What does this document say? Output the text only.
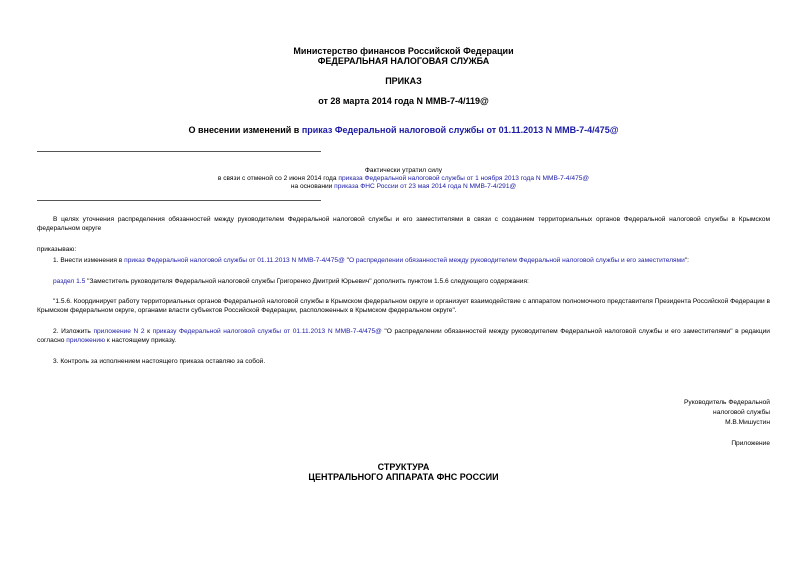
Министерство финансов Российской Федерации
ФЕДЕРАЛЬНАЯ НАЛОГОВАЯ СЛУЖБА
ПРИКАЗ
от 28 марта 2014 года N ММВ-7-4/119@
О внесении изменений в приказ Федеральной налоговой службы от 01.11.2013 N ММВ-7-4/475@
Фактически утратил силу
в связи с отменой со 2 июня 2014 года приказа Федеральной налоговой службы от 1 ноября 2013 года N ММВ-7-4/475@
на основании приказа ФНС России от 23 мая 2014 года N ММВ-7-4/291@
В целях уточнения распределения обязанностей между руководителем Федеральной налоговой службы и его заместителями в связи с созданием территориальных органов Федеральной налоговой службы в Крымском федеральном округе
приказываю:
1. Внести изменения в приказ Федеральной налоговой службы от 01.11.2013 N ММВ-7-4/475@ "О распределении обязанностей между руководителем Федеральной налоговой службы и его заместителями":
раздел 1.5 "Заместитель руководителя Федеральной налоговой службы Григоренко Дмитрий Юрьевич" дополнить пунктом 1.5.6 следующего содержания:
"1.5.6. Координирует работу территориальных органов Федеральной налоговой службы в Крымском федеральном округе и организует взаимодействие с аппаратом полномочного представителя Президента Российской Федерации в Крымском федеральном округе, органами власти субъектов Российской Федерации, расположенных в Крымском федеральном округе".
2. Изложить приложение N 2 к приказу Федеральной налоговой службы от 01.11.2013 N ММВ-7-4/475@ "О распределении обязанностей между руководителем Федеральной налоговой службы и его заместителями" в редакции согласно приложению к настоящему приказу.
3. Контроль за исполнением настоящего приказа оставляю за собой.
Руководитель Федеральной
налоговой службы
М.В.Мишустин
Приложение
СТРУКТУРА
ЦЕНТРАЛЬНОГО АППАРАТА ФНС РОССИИ
